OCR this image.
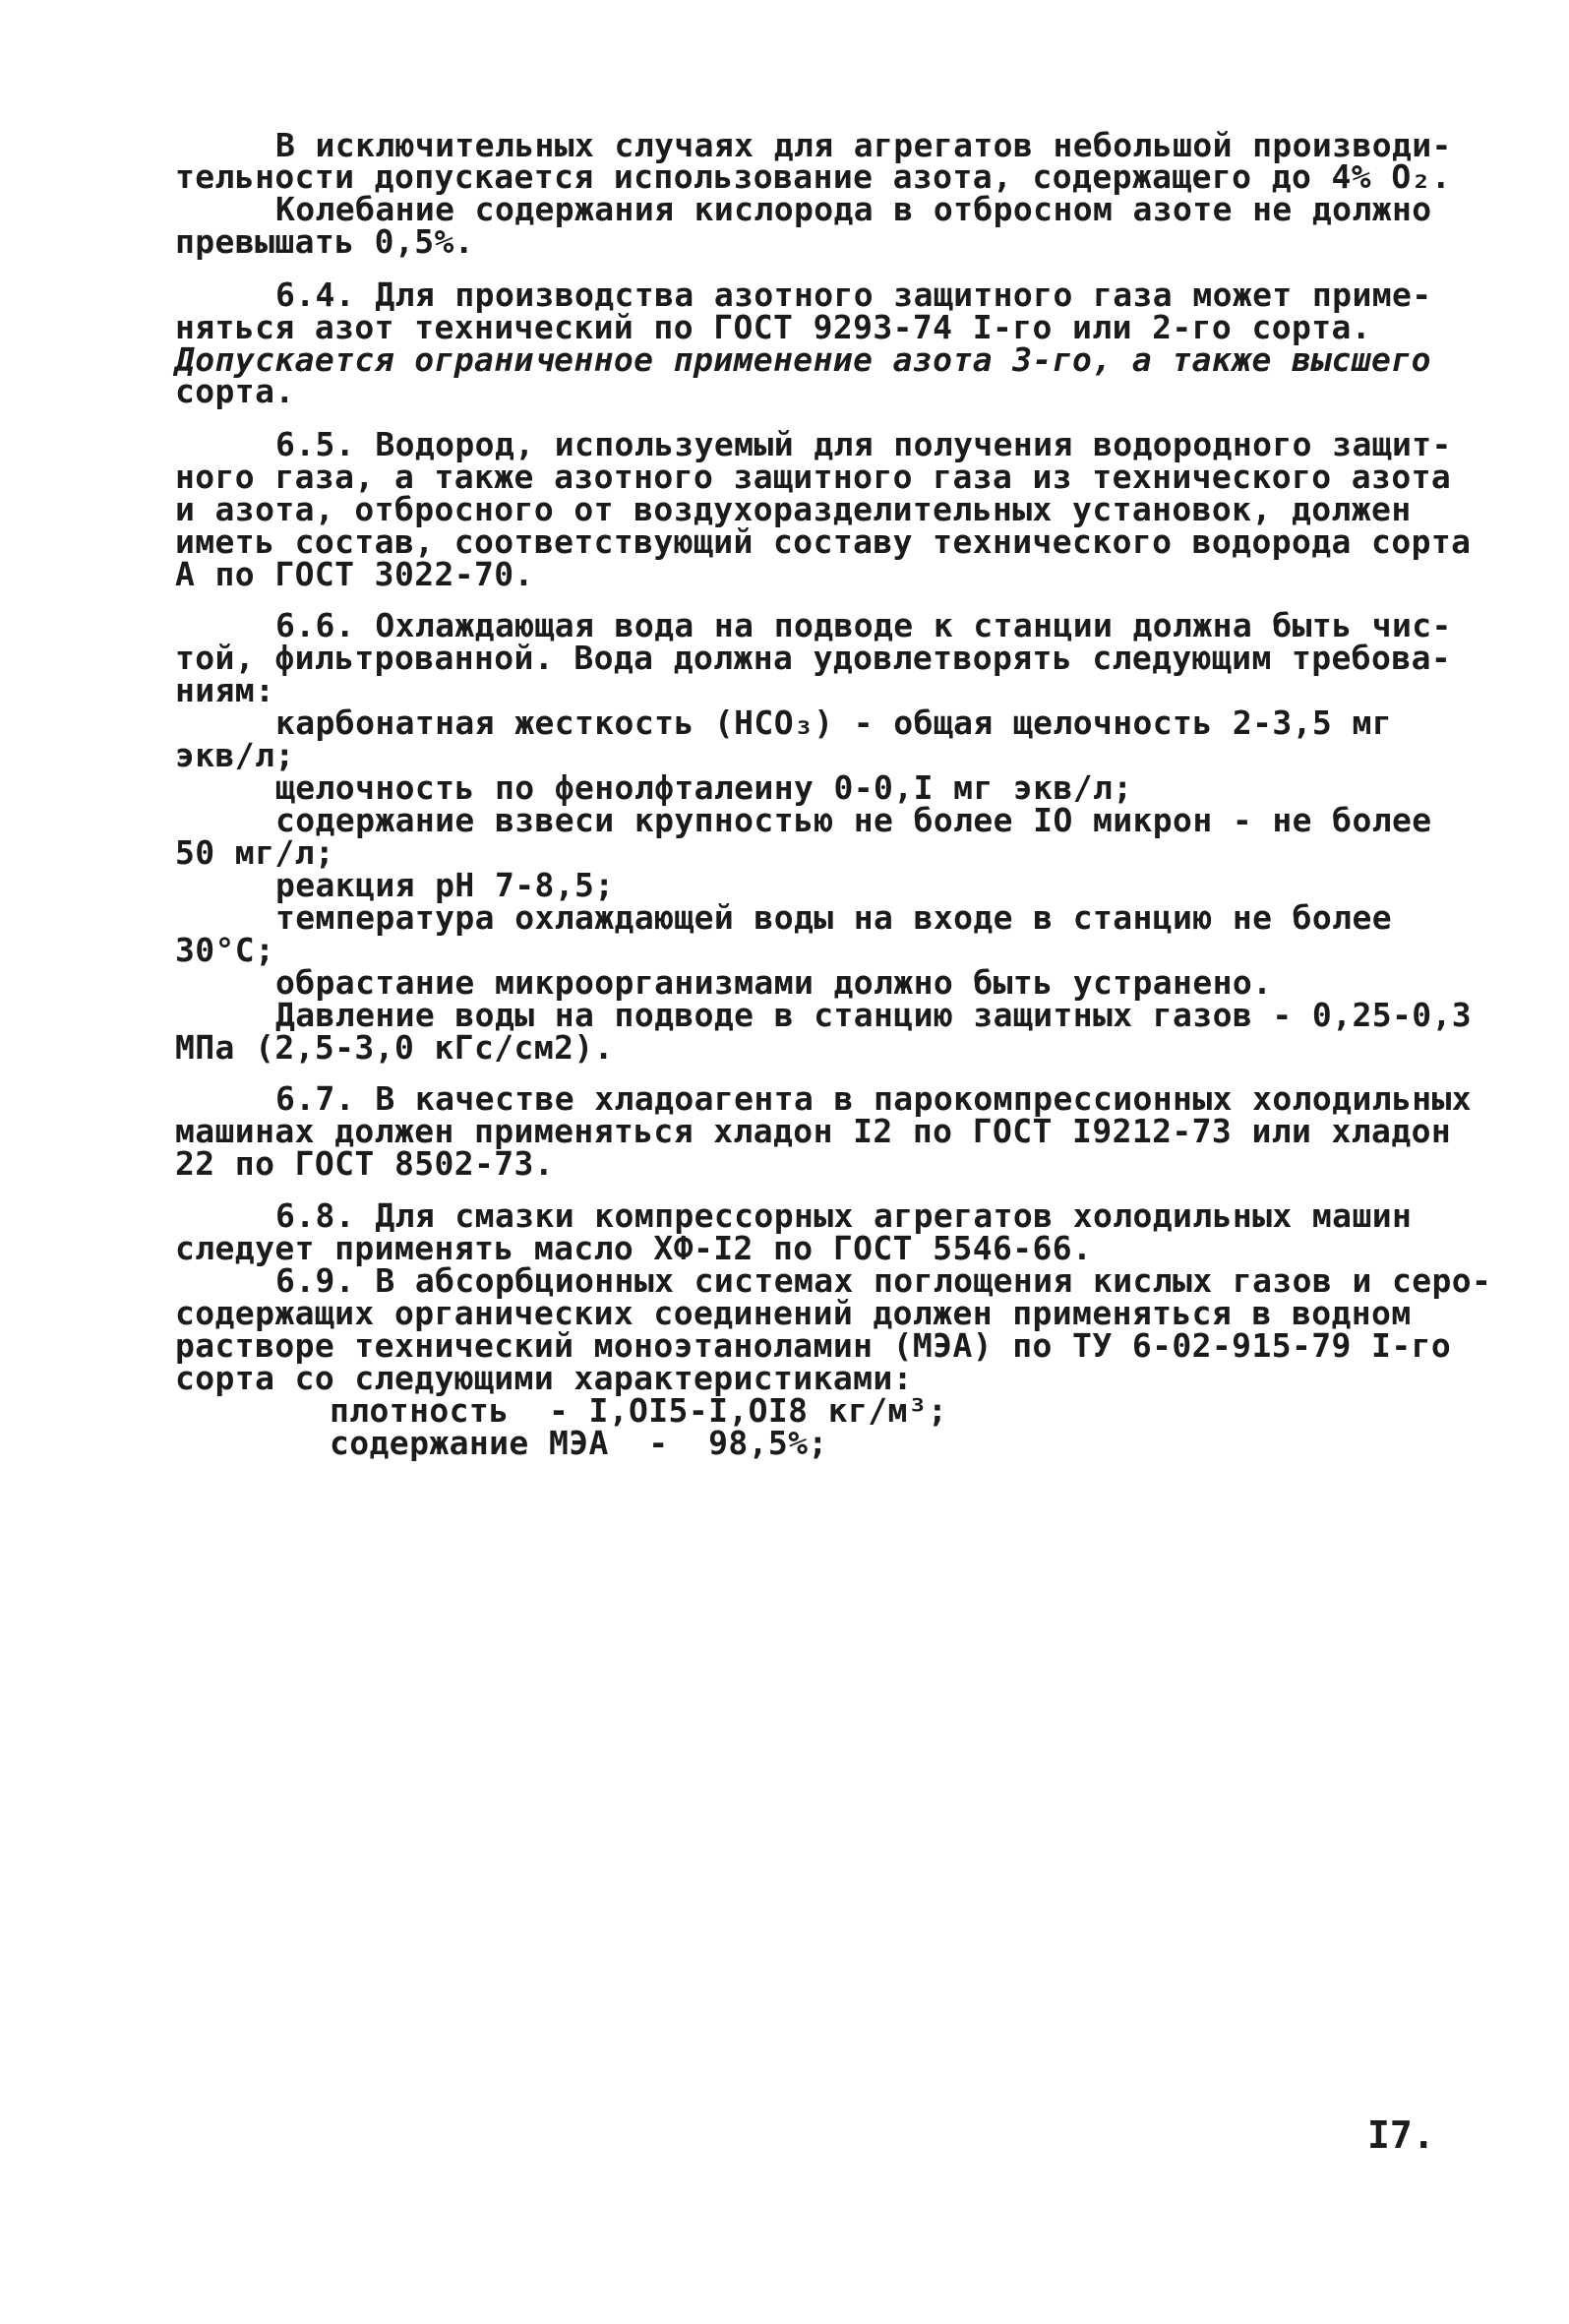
В исключительных случаях для агрегатов небольшой производи-
тельности допускается использование азота, содержащего до 4% O₂.
Колебание содержания кислорода в отбросном азоте не должно
превышать 0,5%.
6.4. Для производства азотного защитного газа может приме-
няться азот технический по ГОСТ 9293-74 I-го или 2-го сорта.
Допускается ограниченное применение азота 3-го, а также высшего
сорта.
6.5. Водород, используемый для получения водородного защит-
ного газа, а также азотного защитного газа из технического азота
и азота, отбросного от воздухоразделительных установок, должен
иметь состав, соответствующий составу технического водорода сорта
А по ГОСТ 3022-70.
6.6. Охлаждающая вода на подводе к станции должна быть чис-
той, фильтрованной. Вода должна удовлетворять следующим требова-
ниям:
карбонатная жесткость (НСО₃) - общая щелочность 2-3,5 мг
экв/л;
щелочность по фенолфталеину 0-0,I мг экв/л;
содержание взвеси крупностью не более IO микрон - не более
50 мг/л;
реакция pH 7-8,5;
температура охлаждающей воды на входе в станцию не более
30°С;
обрастание микроорганизмами должно быть устранено.
Давление воды на подводе в станцию защитных газов - 0,25-0,3
МПа (2,5-3,0 кГс/см2).
6.7. В качестве хладоагента в парокомпрессионных холодильных
машинах должен применяться хладон I2 по ГОСТ I9212-73 или хладон
22 по ГОСТ 8502-73.
6.8. Для смазки компрессорных агрегатов холодильных машин
следует применять масло ХФ-I2 по ГОСТ 5546-66.
6.9. В абсорбционных системах поглощения кислых газов и серо-
содержащих органических соединений должен применяться в водном
растворе технический моноэтаноламин (МЭА) по ТУ 6-02-915-79 I-го
сорта со следующими характеристиками:
плотность  - I,OI5-I,OI8 кг/м³;
содержание МЭА  -  98,5%;
I7.
